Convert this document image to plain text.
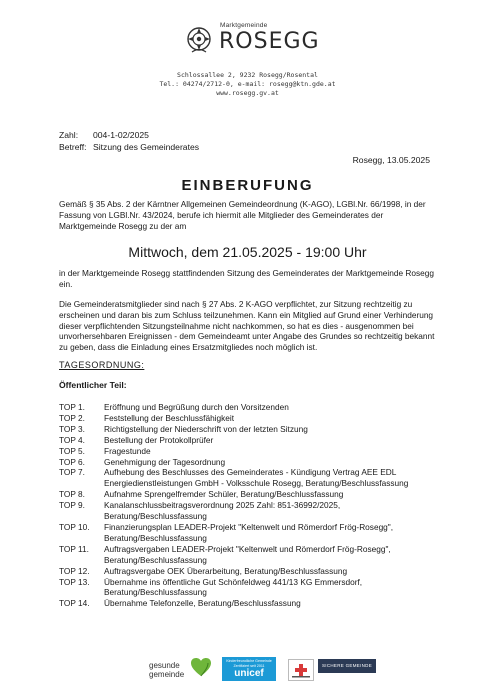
Marktgemeinde
ROSEGG
Schlossallee 2, 9232 Rosegg/Rosental
Tel.: 04274/2712-0, e-mail: rosegg@ktn.gde.at
www.rosegg.gv.at
Zahl: 004-1-02/2025
Betreff: Sitzung des Gemeinderates
Rosegg, 13.05.2025
EINBERUFUNG
Gemäß § 35 Abs. 2 der Kärntner Allgemeinen Gemeindeordnung (K-AGO), LGBl.Nr. 66/1998, in der Fassung von LGBl.Nr. 43/2024, berufe ich hiermit alle Mitglieder des Gemeinderates der Marktgemeinde Rosegg zu der am
Mittwoch, dem 21.05.2025 - 19:00 Uhr
in der Marktgemeinde Rosegg stattfindenden Sitzung des Gemeinderates der Marktgemeinde Rosegg ein.
Die Gemeinderatsmitglieder sind nach § 27 Abs. 2 K-AGO verpflichtet, zur Sitzung rechtzeitig zu erscheinen und daran bis zum Schluss teilzunehmen. Kann ein Mitglied auf Grund einer Verhinderung dieser verpflichtenden Sitzungsteilnahme nicht nachkommen, so hat es dies - ausgenommen bei unvorhersehbaren Ereignissen - dem Gemeindeamt unter Angabe des Grundes so rechtzeitig bekannt zu geben, dass die Einladung eines Ersatzmitgliedes noch möglich ist.
TAGESORDNUNG:
Öffentlicher Teil:
TOP 1.	Eröffnung und Begrüßung durch den Vorsitzenden
TOP 2.	Feststellung der Beschlussfähigkeit
TOP 3.	Richtigstellung der Niederschrift von der letzten Sitzung
TOP 4.	Bestellung der Protokollprüfer
TOP 5.	Fragestunde
TOP 6.	Genehmigung der Tagesordnung
TOP 7.	Aufhebung des Beschlusses des Gemeinderates - Kündigung Vertrag AEE EDL Energiedienstleistungen GmbH - Volksschule Rosegg, Beratung/Beschlussfassung
TOP 8.	Aufnahme Sprengelfremder Schüler, Beratung/Beschlussfassung
TOP 9.	Kanalanschlussbeitragsverordnung 2025 Zahl: 851-36992/2025, Beratung/Beschlussfassung
TOP 10.	Finanzierungsplan LEADER-Projekt "Keltenwelt und Römerdorf Frög-Rosegg", Beratung/Beschlussfassung
TOP 11.	Auftragsvergaben LEADER-Projekt "Keltenwelt und Römerdorf Frög-Rosegg", Beratung/Beschlussfassung
TOP 12.	Auftragsvergabe OEK Überarbeitung, Beratung/Beschlussfassung
TOP 13.	Übernahme ins öffentliche Gut Schönfeldweg 441/13 KG Emmersdorf, Beratung/Beschlussfassung
TOP 14.	Übernahme Telefonzelle, Beratung/Beschlussfassung
gesunde
gemeinde
Kinderfreundliche Gemeinde Zertifiziert seit 2011
unicef
SICHERE GEMEINDE
